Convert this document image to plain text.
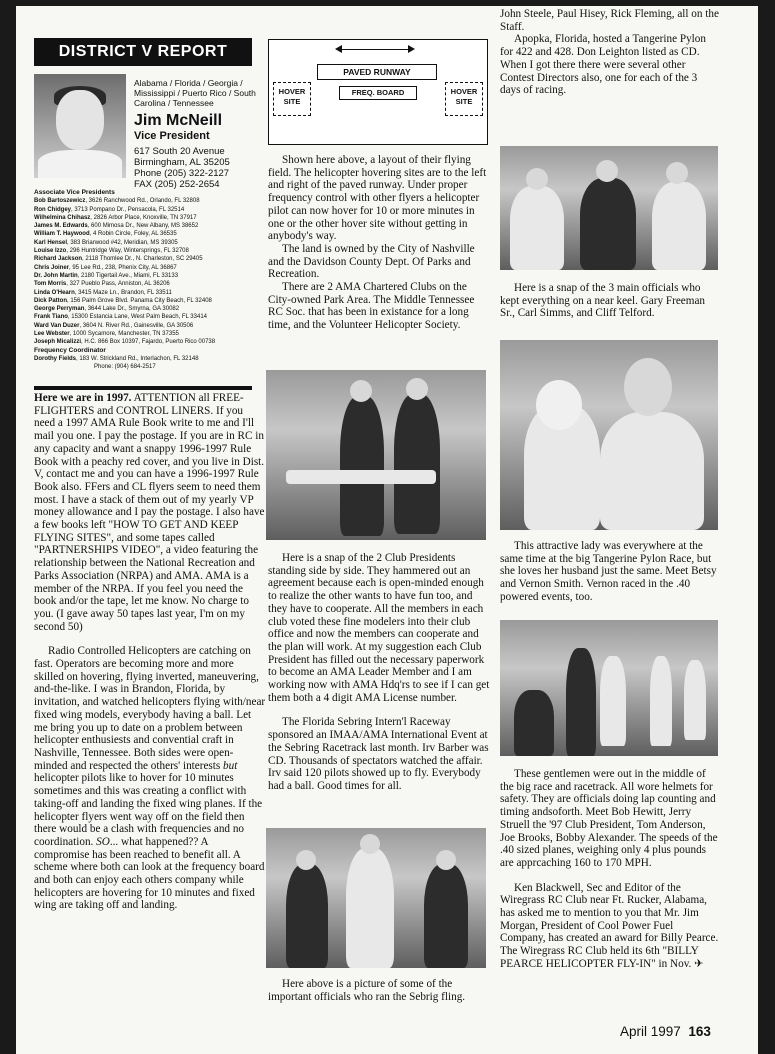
DISTRICT V REPORT
Alabama / Florida / Georgia / Mississippi / Puerto Rico / South Carolina / Tennessee
Jim McNeill
Vice President
617 South 20 Avenue
Birmingham, AL 35205
Phone (205) 322-2127
FAX (205) 252-2654
Associate Vice Presidents
Bob Bartoszewicz, 3626 Ranchwood Rd., Orlando, FL 32808
Ron Chidgey, 3713 Pompano Dr., Pensacola, FL 32514
Wilhelmina Chihasz, 2826 Arbor Place, Knoxville, TN 37917
James M. Edwards, 600 Mimosa Dr., New Albany, MS 38652
William T. Haywood, 4 Robin Circle, Foley, AL 36535
Karl Hensel, 383 Briarwood #42, Meridian, MS 39305
Louise Izzo, 296 Huntridge Way, Wintersprings, FL 32708
Richard Jackson, 2118 Thomlee Dr., N. Charleston, SC 29405
Chris Joiner, 95 Lee Rd., 238, Phenix City, AL 36867
Dr. John Martin, 2180 Tigertail Ave., Miami, FL 33133
Tom Morris, 327 Pueblo Pass, Anniston, AL 36206
Linda O'Hearn, 3415 Maze Ln., Brandon, FL 33511
Dick Patton, 156 Palm Grove Blvd. Panama City Beach, FL 32408
George Perryman, 3644 Lake Dr., Smyrna, GA 30082
Frank Tiano, 15300 Estancia Lane, West Palm Beach, FL 33414
Ward Van Duzer, 3604 N. River Rd., Gainesville, GA 30506
Lee Webster, 1000 Sycamore, Manchester, TN 37355
Joseph Micalizzi, H.C. 866 Box 10397, Fajardo, Puerto Rico 00738
Frequency Coordinator
Dorothy Fields, 183 W. Strickland Rd., Interlachon, FL 32148
Phone: (904) 684-2517

Here we are in 1997. ATTENTION all FREE-FLIGHTERS and CONTROL LINERS. If you need a 1997 AMA Rule Book write to me and I'll mail you one. I pay the postage. If you are in RC in any capacity and want a snappy 1996-1997 Rule Book with a peachy red cover, and you live in Dist. V, contact me and you can have a 1996-1997 Rule Book also. FFers and CL flyers seem to need them most. I have a stack of them out of my yearly VP money allowance and I pay the postage. I also have a few books left "HOW TO GET AND KEEP FLYING SITES", and some tapes called "PARTNERSHIPS VIDEO", a video featuring the relationship between the National Recreation and Parks Association (NRPA) and AMA. AMA is a member of the NRPA. If you feel you need the book and/or the tape, let me know. No charge to you. (I gave away 50 tapes last year, I'm on my second 50)

Radio Controlled Helicopters are catching on fast. Operators are becoming more and more skilled on hovering, flying inverted, maneuvering, and-the-like. I was in Brandon, Florida, by invitation, and watched helicopters flying with/near fixed wing models, everybody having a ball. Let me bring you up to date on a problem between helicopter enthusiests and convential craft in Nashville, Tennessee. Both sides were open-minded and respected the others' interests but helicopter pilots like to hover for 10 minutes sometimes and this was creating a conflict with taking-off and landing the fixed wing planes. If the helicopter flyers went way off on the field then there would be a clash with frequencies and no coordination. SO... what happened?? A compromise has been reached to benefit all. A scheme where both can look at the frequency board and both can enjoy each others company while helicopters are hovering for 10 minutes and fixed wing are taking off and landing.

PAVED RUNWAY
FREQ. BOARD
HOVER SITE
HOVER SITE

Shown here above, a layout of their flying field. The helicopter hovering sites are to the left and right of the paved runway. Under proper frequency control with other flyers a helicopter pilot can now hover for 10 or more minutes in one or the other hover site without getting in anybody's way.

The land is owned by the City of Nashville and the Davidson County Dept. Of Parks and Recreation.

There are 2 AMA Chartered Clubs on the City-owned Park Area. The Middle Tennessee RC Soc. that has been in existance for a long time, and the Volunteer Helicopter Society.

Here is a snap of the 2 Club Presidents standing side by side. They hammered out an agreement because each is open-minded enough to realize the other wants to have fun too, and they have to cooperate. All the members in each club voted these fine modelers into their club office and now the members can cooperate and the plan will work. At my suggestion each Club President has filled out the necessary paperwork to become an AMA Leader Member and I am working now with AMA Hdq'rs to see if I can get them both a 4 digit AMA License number.

The Florida Sebring Intern'l Raceway sponsored an IMAA/AMA International Event at the Sebring Racetrack last month. Irv Barber was CD. Thousands of spectators watched the affair. Irv said 120 pilots showed up to fly. Everybody had a ball. Good times for all.

Here above is a picture of some of the important officials who ran the Sebrig fling.

John Steele, Paul Hisey, Rick Fleming, all on the Staff.

Apopka, Florida, hosted a Tangerine Pylon for 422 and 428. Don Leighton listed as CD. When I got there there were several other Contest Directors also, one for each of the 3 days of racing.

Here is a snap of the 3 main officials who kept everything on a near keel. Gary Freeman Sr., Carl Simms, and Cliff Telford.

This attractive lady was everywhere at the same time at the big Tangerine Pylon Race, but she loves her husband just the same. Meet Betsy and Vernon Smith. Vernon raced in the .40 powered events, too.

These gentlemen were out in the middle of the big race and racetrack. All wore helmets for safety. They are officials doing lap counting and timing andsoforth. Meet Bob Hewitt, Jerry Struell the '97 Club President, Tom Anderson, Joe Brooks, Bobby Alexander. The speeds of the .40 sized planes, weighing only 4 plus pounds are apprcaching 160 to 170 MPH.

Ken Blackwell, Sec and Editor of the Wiregrass RC Club near Ft. Rucker, Alabama, has asked me to mention to you that Mr. Jim Morgan, President of Cool Power Fuel Company, has created an award for Billy Pearce. The Wiregrass RC Club held its 6th "BILLY PEARCE HELICOPTER FLY-IN" in Nov. ✈

April 1997 163
